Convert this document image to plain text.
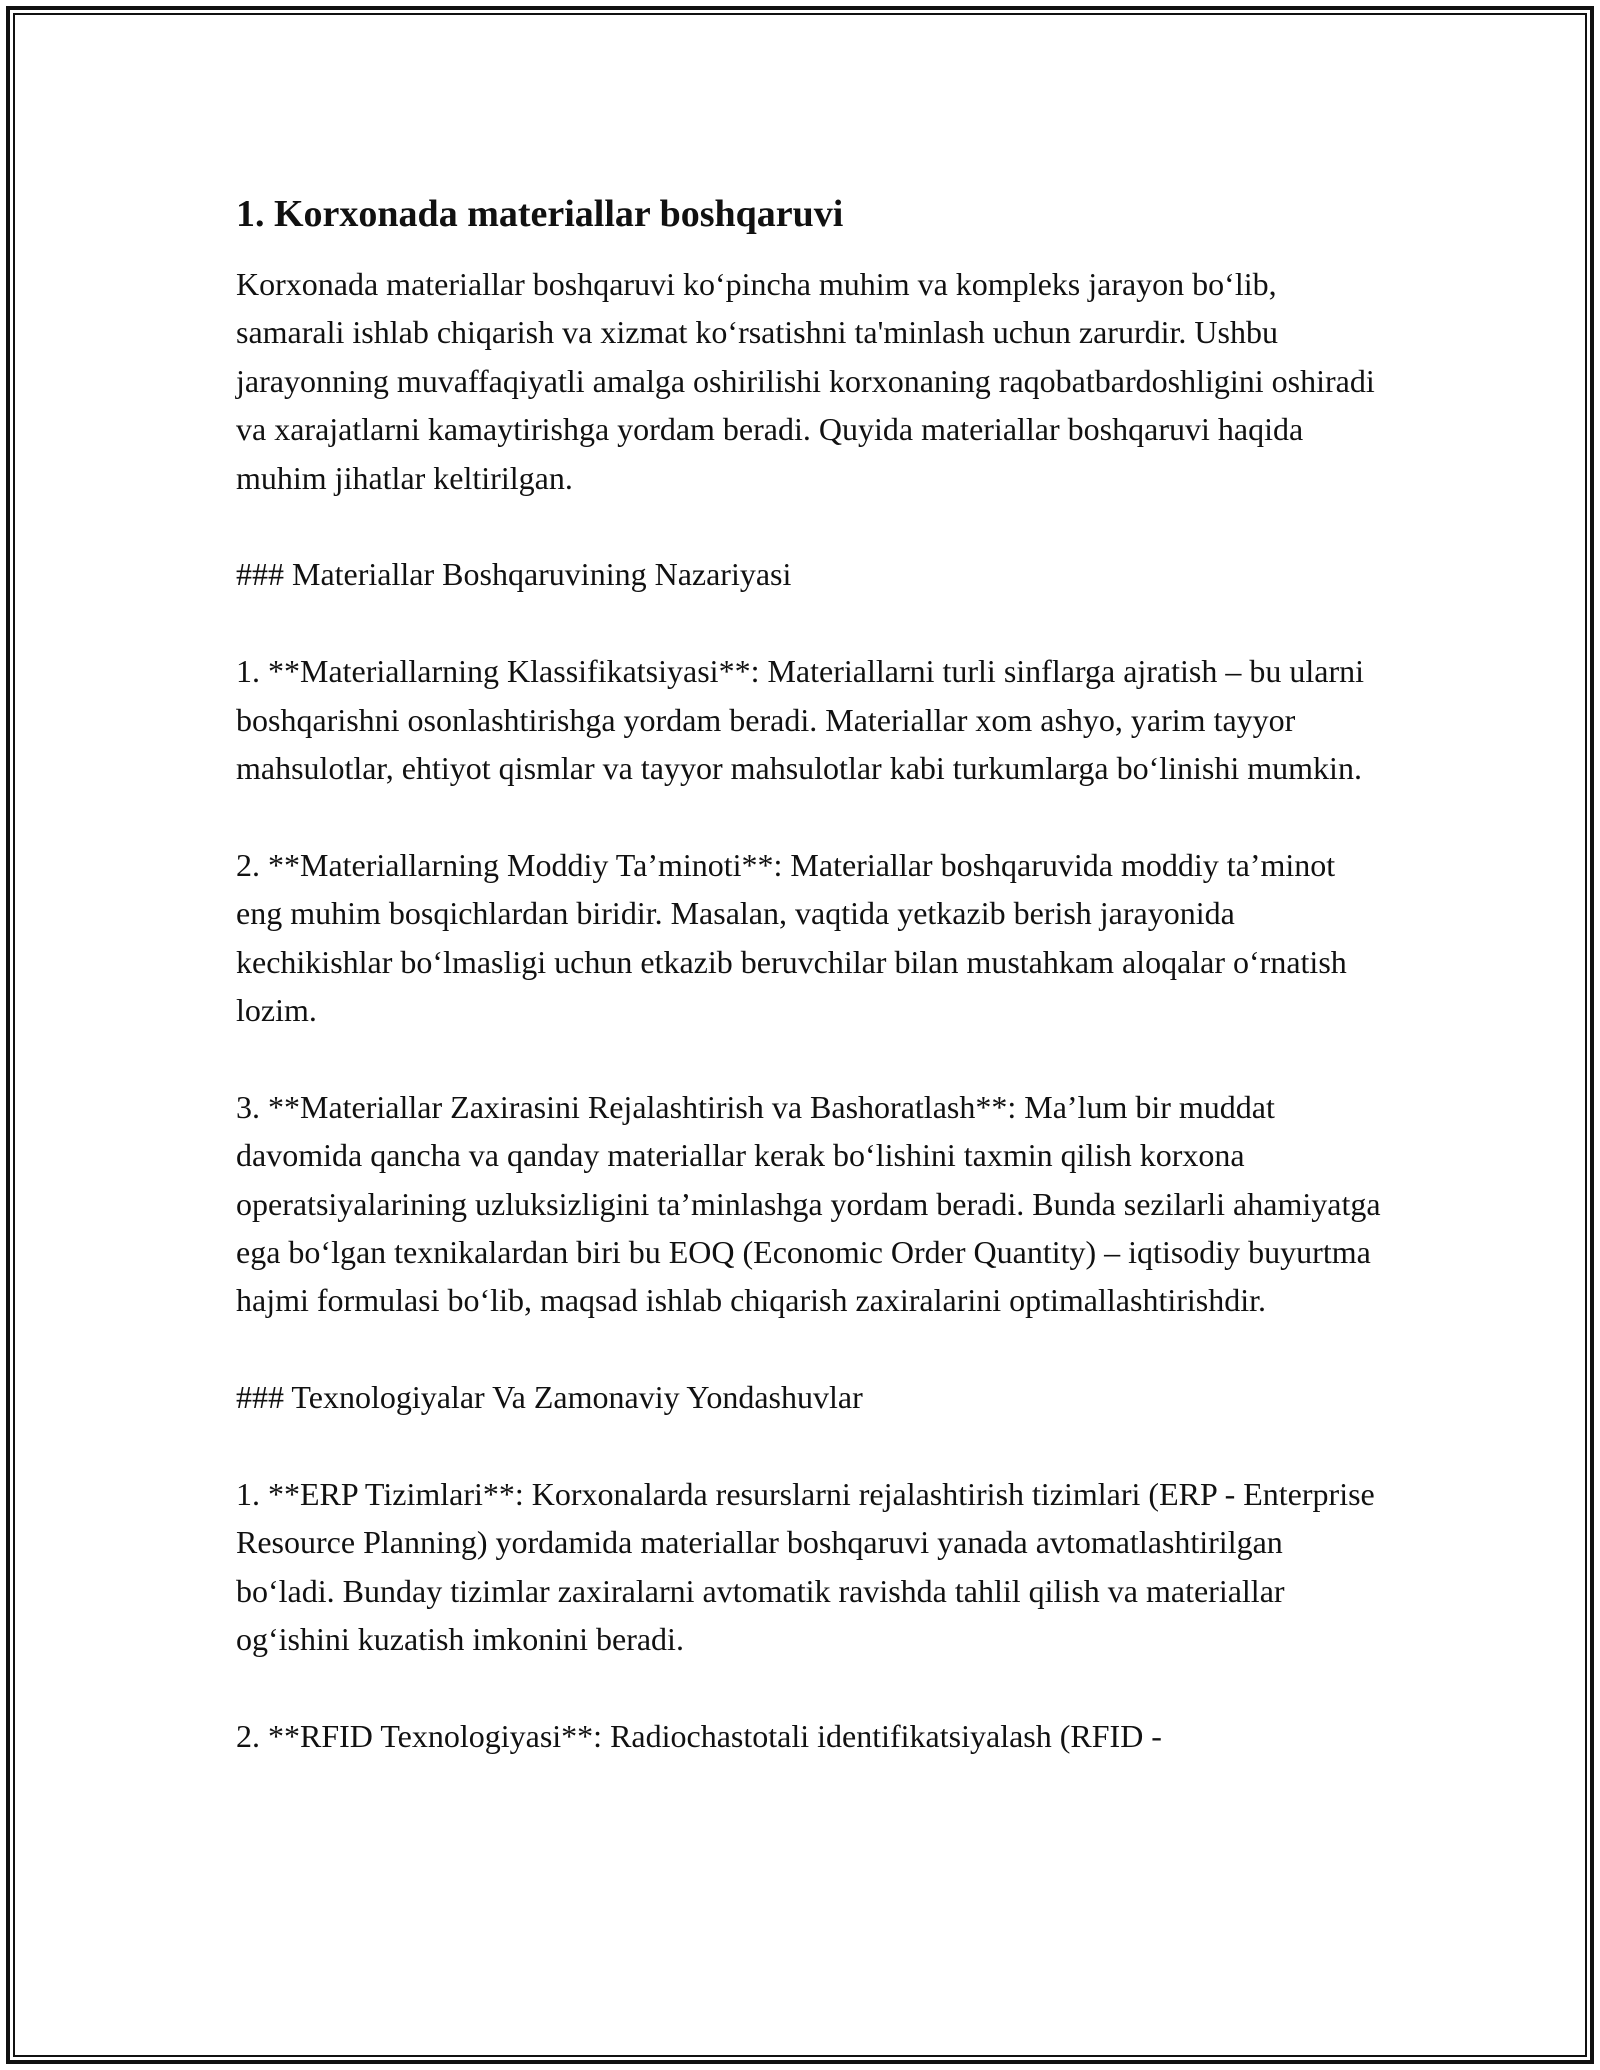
1. Korxonada materiallar boshqaruvi

Korxonada materiallar boshqaruvi ko‘pincha muhim va kompleks jarayon bo‘lib, samarali ishlab chiqarish va xizmat ko‘rsatishni ta'minlash uchun zarurdir. Ushbu jarayonning muvaffaqiyatli amalga oshirilishi korxonaning raqobatbardoshligini oshiradi va xarajatlarni kamaytirishga yordam beradi. Quyida materiallar boshqaruvi haqida muhim jihatlar keltirilgan.

### Materiallar Boshqaruvining Nazariyasi

1. **Materiallarning Klassifikatsiyasi**: Materiallarni turli sinflarga ajratish – bu ularni boshqarishni osonlashtirishga yordam beradi. Materiallar xom ashyo, yarim tayyor mahsulotlar, ehtiyot qismlar va tayyor mahsulotlar kabi turkumlarga bo‘linishi mumkin.

2. **Materiallarning Moddiy Ta’minoti**: Materiallar boshqaruvida moddiy ta’minot eng muhim bosqichlardan biridir. Masalan, vaqtida yetkazib berish jarayonida kechikishlar bo‘lmasligi uchun etkazib beruvchilar bilan mustahkam aloqalar o‘rnatish lozim.

3. **Materiallar Zaxirasini Rejalashtirish va Bashoratlash**: Ma’lum bir muddat davomida qancha va qanday materiallar kerak bo‘lishini taxmin qilish korxona operatsiyalarining uzluksizligini ta’minlashga yordam beradi. Bunda sezilarli ahamiyatga ega bo‘lgan texnikalardan biri bu EOQ (Economic Order Quantity) – iqtisodiy buyurtma hajmi formulasi bo‘lib, maqsad ishlab chiqarish zaxiralarini optimallashtirishdir.

### Texnologiyalar Va Zamonaviy Yondashuvlar

1. **ERP Tizimlari**: Korxonalarda resurslarni rejalashtirish tizimlari (ERP - Enterprise Resource Planning) yordamida materiallar boshqaruvi yanada avtomatlashtirilgan bo‘ladi. Bunday tizimlar zaxiralarni avtomatik ravishda tahlil qilish va materiallar og‘ishini kuzatish imkonini beradi.

2. **RFID Texnologiyasi**: Radiochastotali identifikatsiyalash (RFID -
